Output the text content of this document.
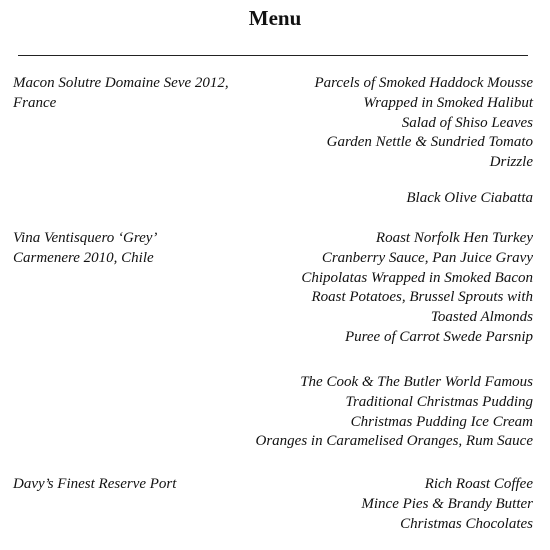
Menu
Macon Solutre Domaine Seve 2012,
France
Parcels of Smoked Haddock Mousse
Wrapped in Smoked Halibut
Salad of Shiso Leaves
Garden Nettle & Sundried Tomato
Drizzle
Black Olive Ciabatta
Vina Ventisquero ‘Grey’
Carmenere 2010, Chile
Roast Norfolk Hen Turkey
Cranberry Sauce, Pan Juice Gravy
Chipolatas Wrapped in Smoked Bacon
Roast Potatoes, Brussel Sprouts with
Toasted Almonds
Puree of Carrot Swede Parsnip
The Cook & The Butler World Famous
Traditional Christmas Pudding
Christmas Pudding Ice Cream
Oranges in Caramelised Oranges, Rum Sauce
Davy’s Finest Reserve Port	Rich Roast Coffee
Mince Pies & Brandy Butter
Christmas Chocolates
